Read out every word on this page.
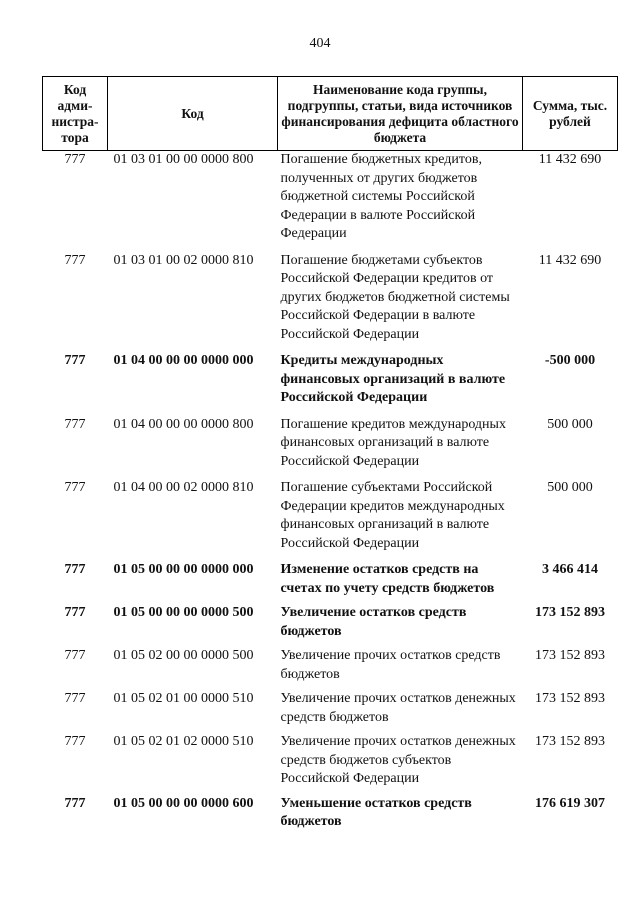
404
Код адми-нистра-тора	Код	Наименование кода группы, подгруппы, статьи, вида источников финансирования дефицита областного бюджета	Сумма, тыс. рублей
777	01 03 01 00 00 0000 800	Погашение бюджетных кредитов, полученных от других бюджетов бюджетной системы Российской Федерации в валюте Российской Федерации	11 432 690
777	01 03 01 00 02 0000 810	Погашение бюджетами субъектов Российской Федерации кредитов от других бюджетов бюджетной системы Российской Федерации в валюте Российской Федерации	11 432 690
777	01 04 00 00 00 0000 000	Кредиты международных финансовых организаций в валюте Российской Федерации	-500 000
777	01 04 00 00 00 0000 800	Погашение кредитов международных финансовых организаций в валюте Российской Федерации	500 000
777	01 04 00 00 02 0000 810	Погашение субъектами Российской Федерации кредитов международных финансовых организаций в валюте Российской Федерации	500 000
777	01 05 00 00 00 0000 000	Изменение остатков средств на счетах по учету средств бюджетов	3 466 414
777	01 05 00 00 00 0000 500	Увеличение остатков средств бюджетов	173 152 893
777	01 05 02 00 00 0000 500	Увеличение прочих остатков средств бюджетов	173 152 893
777	01 05 02 01 00 0000 510	Увеличение прочих остатков денежных средств бюджетов	173 152 893
777	01 05 02 01 02 0000 510	Увеличение прочих остатков денежных средств бюджетов субъектов Российской Федерации	173 152 893
777	01 05 00 00 00 0000 600	Уменьшение остатков средств бюджетов	176 619 307
